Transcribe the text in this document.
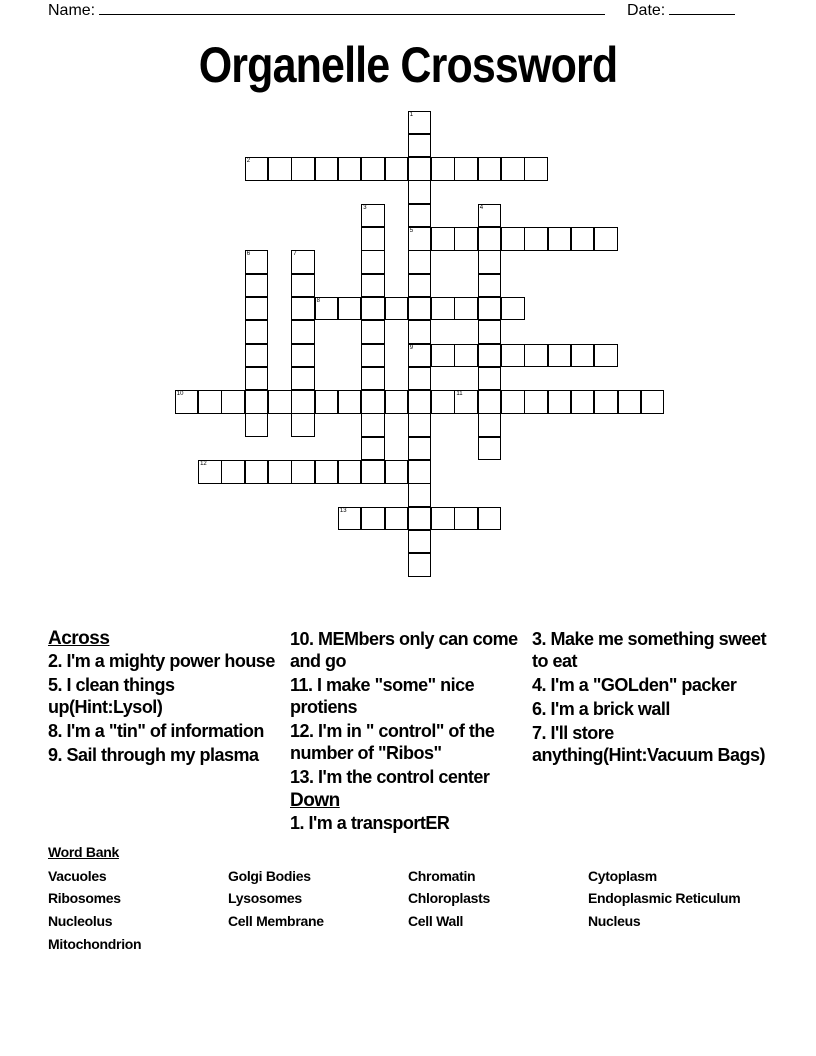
Name:	Date:
Organelle Crossword
1
5
9
2
3	4
6	7
8
10	11
12
13
Across
2. I'm a mighty power house
5. I clean things up(Hint:Lysol)
8. I'm a "tin" of information
9. Sail through my plasma
10. MEMbers only can come and go
11. I make "some" nice protiens
12. I'm in " control" of the number of "Ribos"
13. I'm the control center
Down
1. I'm a transportER
3. Make me something sweet to eat
4. I'm a "GOLden" packer
6. I'm a brick wall
7. I'll store anything(Hint:Vacuum Bags)
Word Bank
Vacuoles	Golgi Bodies	Chromatin	Cytoplasm
Ribosomes	Lysosomes	Chloroplasts	Endoplasmic Reticulum
Nucleolus	Cell Membrane	Cell Wall	Nucleus
Mitochondrion
